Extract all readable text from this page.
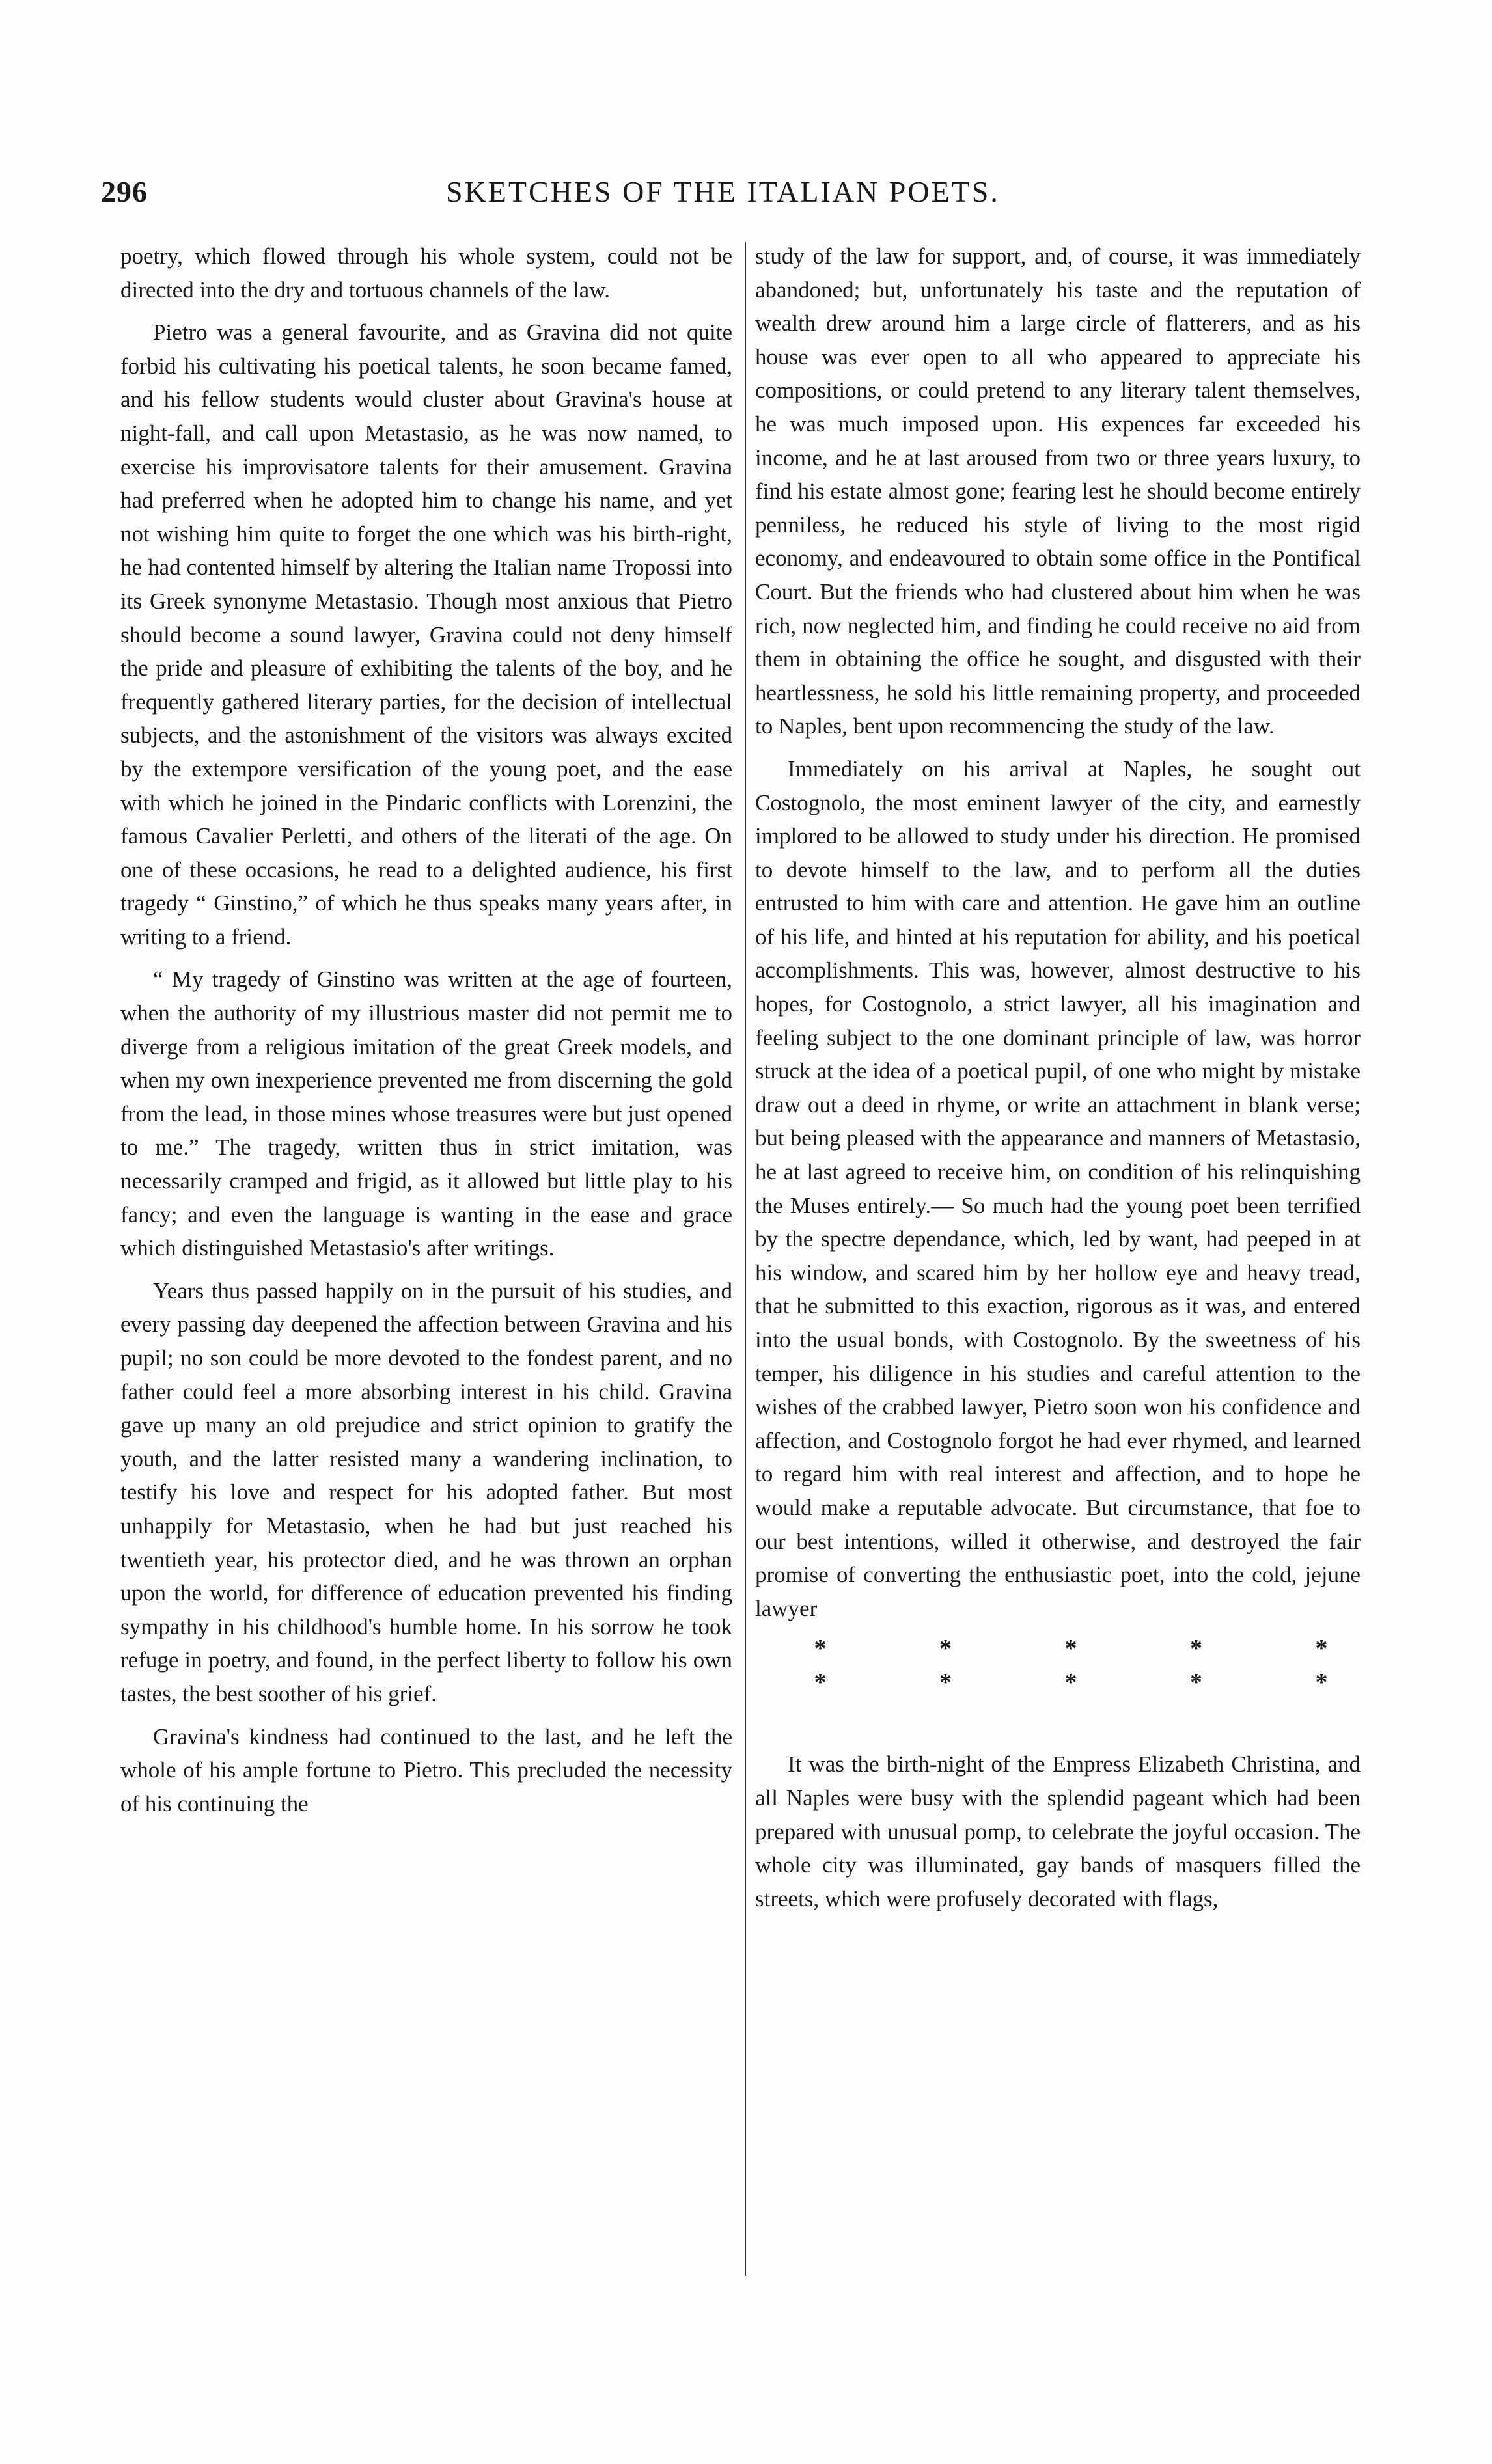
296	SKETCHES OF THE ITALIAN POETS.

poetry, which flowed through his whole system, could not be directed into the dry and tortuous channels of the law.

Pietro was a general favourite, and as Gravina did not quite forbid his cultivating his poetical talents, he soon became famed, and his fellow students would cluster about Gravina's house at night-fall, and call upon Metastasio, as he was now named, to exercise his improvisatore talents for their amusement. Gravina had preferred when he adopted him to change his name, and yet not wishing him quite to forget the one which was his birth-right, he had contented himself by altering the Italian name Tropossi into its Greek synonyme Metastasio. Though most anxious that Pietro should become a sound lawyer, Gravina could not deny himself the pride and pleasure of exhibiting the talents of the boy, and he frequently gathered literary parties, for the decision of intellectual subjects, and the astonishment of the visitors was always excited by the extempore versification of the young poet, and the ease with which he joined in the Pindaric conflicts with Lorenzini, the famous Cavalier Perletti, and others of the literati of the age. On one of these occasions, he read to a delighted audience, his first tragedy “ Ginstino,” of which he thus speaks many years after, in writing to a friend.

“ My tragedy of Ginstino was written at the age of fourteen, when the authority of my illustrious master did not permit me to diverge from a religious imitation of the great Greek models, and when my own inexperience prevented me from discerning the gold from the lead, in those mines whose treasures were but just opened to me.” The tragedy, written thus in strict imitation, was necessarily cramped and frigid, as it allowed but little play to his fancy; and even the language is wanting in the ease and grace which distinguished Metastasio's after writings.

Years thus passed happily on in the pursuit of his studies, and every passing day deepened the affection between Gravina and his pupil; no son could be more devoted to the fondest parent, and no father could feel a more absorbing interest in his child. Gravina gave up many an old prejudice and strict opinion to gratify the youth, and the latter resisted many a wandering inclination, to testify his love and respect for his adopted father. But most unhappily for Metastasio, when he had but just reached his twentieth year, his protector died, and he was thrown an orphan upon the world, for difference of education prevented his finding sympathy in his childhood's humble home. In his sorrow he took refuge in poetry, and found, in the perfect liberty to follow his own tastes, the best soother of his grief.

Gravina's kindness had continued to the last, and he left the whole of his ample fortune to Pietro. This precluded the necessity of his continuing the

study of the law for support, and, of course, it was immediately abandoned; but, unfortunately his taste and the reputation of wealth drew around him a large circle of flatterers, and as his house was ever open to all who appeared to appreciate his compositions, or could pretend to any literary talent themselves, he was much imposed upon. His expences far exceeded his income, and he at last aroused from two or three years luxury, to find his estate almost gone; fearing lest he should become entirely penniless, he reduced his style of living to the most rigid economy, and endeavoured to obtain some office in the Pontifical Court. But the friends who had clustered about him when he was rich, now neglected him, and finding he could receive no aid from them in obtaining the office he sought, and disgusted with their heartlessness, he sold his little remaining property, and proceeded to Naples, bent upon recommencing the study of the law.

Immediately on his arrival at Naples, he sought out Costognolo, the most eminent lawyer of the city, and earnestly implored to be allowed to study under his direction. He promised to devote himself to the law, and to perform all the duties entrusted to him with care and attention. He gave him an outline of his life, and hinted at his reputation for ability, and his poetical accomplishments. This was, however, almost destructive to his hopes, for Costognolo, a strict lawyer, all his imagination and feeling subject to the one dominant principle of law, was horror struck at the idea of a poetical pupil, of one who might by mistake draw out a deed in rhyme, or write an attachment in blank verse; but being pleased with the appearance and manners of Metastasio, he at last agreed to receive him, on condition of his relinquishing the Muses entirely.— So much had the young poet been terrified by the spectre dependance, which, led by want, had peeped in at his window, and scared him by her hollow eye and heavy tread, that he submitted to this exaction, rigorous as it was, and entered into the usual bonds, with Costognolo. By the sweetness of his temper, his diligence in his studies and careful attention to the wishes of the crabbed lawyer, Pietro soon won his confidence and affection, and Costognolo forgot he had ever rhymed, and learned to regard him with real interest and affection, and to hope he would make a reputable advocate. But circumstance, that foe to our best intentions, willed it otherwise, and destroyed the fair promise of converting the enthusiastic poet, into the cold, jejune lawyer

*	*	*	*	*
*	*	*	*	*

It was the birth-night of the Empress Elizabeth Christina, and all Naples were busy with the splendid pageant which had been prepared with unusual pomp, to celebrate the joyful occasion. The whole city was illuminated, gay bands of masquers filled the streets, which were profusely decorated with flags,
